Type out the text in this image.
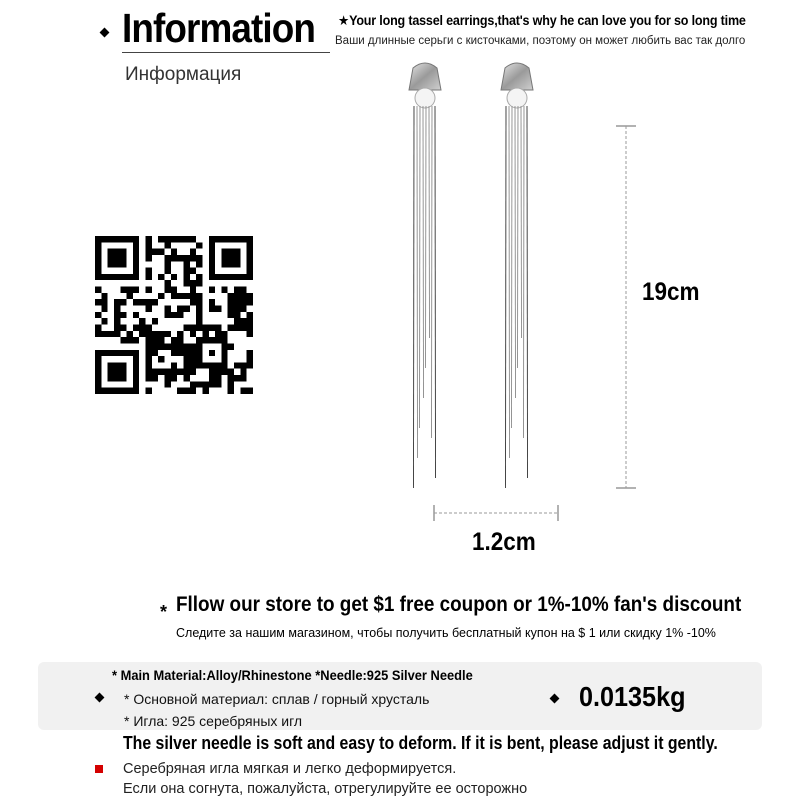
Information
Информация
★Your long tassel earrings,that's why he can love you for so long time
Ваши длинные серьги с кисточками, поэтому он может любить вас так долго
19cm
1.2cm
* Fllow our store to get $1 free coupon or 1%-10% fan's discount
Следите за нашим магазином, чтобы получить бесплатный купон на $ 1 или скидку 1% -10%
* Main Material:Alloy/Rhinestone *Needle:925 Silver Needle
* Основной материал: сплав / горный хрусталь
* Игла: 925 серебряных игл
0.0135kg
The silver needle is soft and easy to deform. If it is bent, please adjust it gently.
Серебряная игла мягкая и легко деформируется.
Если она согнута, пожалуйста, отрегулируйте ее осторожно
